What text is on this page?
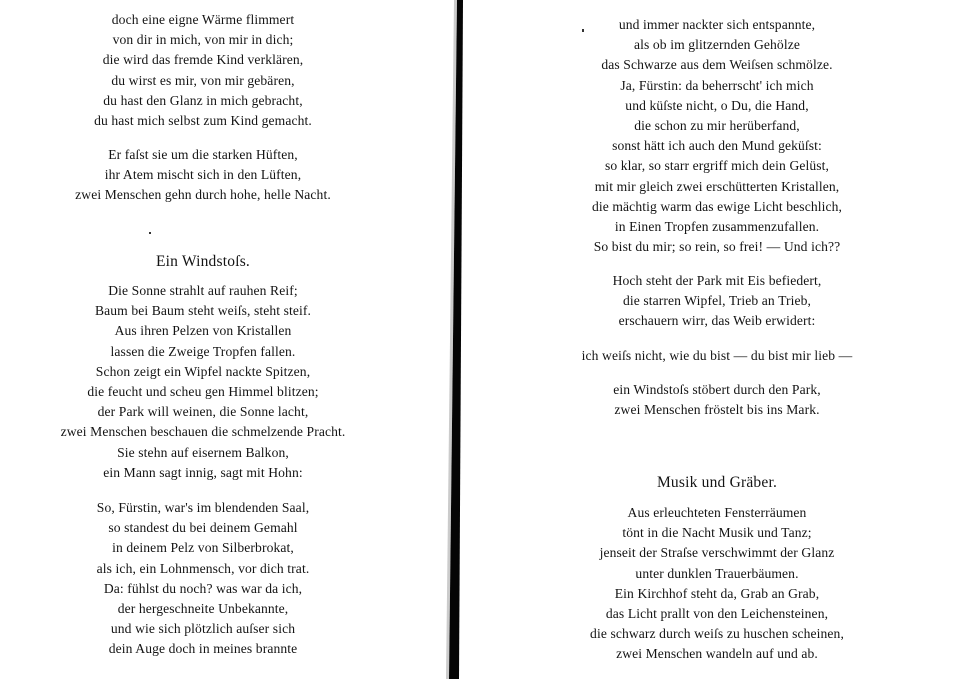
doch eine eigne Wärme flimmert
von dir in mich, von mir in dich;
die wird das fremde Kind verklären,
du wirst es mir, von mir gebären,
du hast den Glanz in mich gebracht,
du hast mich selbst zum Kind gemacht.
Er faſst sie um die starken Hüften,
ihr Atem mischt sich in den Lüften,
zwei Menschen gehn durch hohe, helle Nacht.
Ein Windstoſs.
Die Sonne strahlt auf rauhen Reif;
Baum bei Baum steht weiſs, steht steif.
Aus ihren Pelzen von Kristallen
lassen die Zweige Tropfen fallen.
Schon zeigt ein Wipfel nackte Spitzen,
die feucht und scheu gen Himmel blitzen;
der Park will weinen, die Sonne lacht,
zwei Menschen beschauen die schmelzende Pracht.
Sie stehn auf eisernem Balkon,
ein Mann sagt innig, sagt mit Hohn:
So, Fürstin, war's im blendenden Saal,
so standest du bei deinem Gemahl
in deinem Pelz von Silberbrokat,
als ich, ein Lohnmensch, vor dich trat.
Da: fühlst du noch? was war da ich,
der hergeschneite Unbekannte,
und wie sich plötzlich auſser sich
dein Auge doch in meines brannte
und immer nackter sich entspannte,
als ob im glitzernden Gehölze
das Schwarze aus dem Weiſsen schmölze.
Ja, Fürstin: da beherrscht' ich mich
und küſste nicht, o Du, die Hand,
die schon zu mir herüberfand,
sonst hätt ich auch den Mund geküſst:
so klar, so starr ergriff mich dein Gelüst,
mit mir gleich zwei erschütterten Kristallen,
die mächtig warm das ewige Licht beschlich,
in Einen Tropfen zusammenzufallen.
So bist du mir; so rein, so frei! — Und ich??
Hoch steht der Park mit Eis befiedert,
die starren Wipfel, Trieb an Trieb,
erschauern wirr, das Weib erwidert:
ich weiſs nicht, wie du bist — du bist mir lieb —
ein Windstoſs stöbert durch den Park,
zwei Menschen fröstelt bis ins Mark.
Musik und Gräber.
Aus erleuchteten Fensterräumen
tönt in die Nacht Musik und Tanz;
jenseit der Straſse verschwimmt der Glanz
unter dunklen Trauerbäumen.
Ein Kirchhof steht da, Grab an Grab,
das Licht prallt von den Leichensteinen,
die schwarz durch weiſs zu huschen scheinen,
zwei Menschen wandeln auf und ab.
